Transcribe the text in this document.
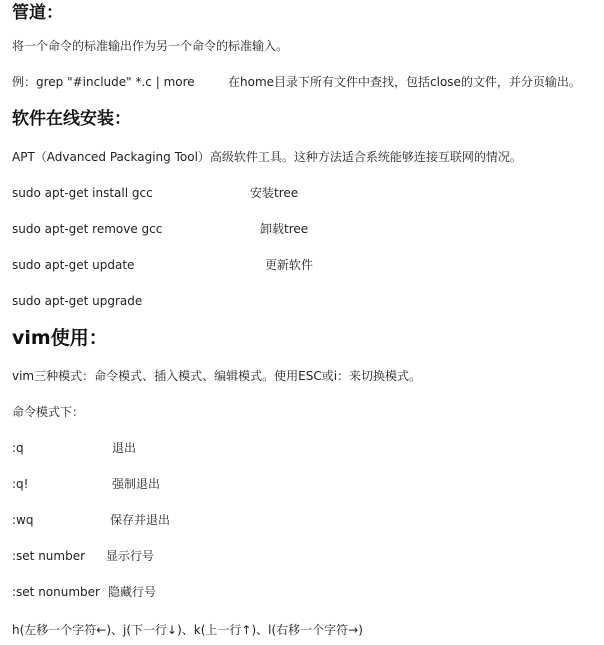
管道：
将一个命令的标准输出作为另一个命令的标准输入。
例：grep "#include" *.c | more	在home目录下所有文件中查找，包括close的文件，并分页输出。
软件在线安装：
APT（Advanced Packaging Tool）高级软件工具。这种方法适合系统能够连接互联网的情况。
sudo apt-get install gcc	安装tree
sudo apt-get remove gcc	卸载tree
sudo apt-get update	更新软件
sudo apt-get upgrade
vim使用：
vim三种模式：命令模式、插入模式、编辑模式。使用ESC或i：来切换模式。
命令模式下：
:q	退出
:q!	强制退出
:wq	保存并退出
:set number 显示行号
:set nonumber 隐藏行号
h(左移一个字符←)、j(下一行↓)、k(上一行↑)、l(右移一个字符→)
